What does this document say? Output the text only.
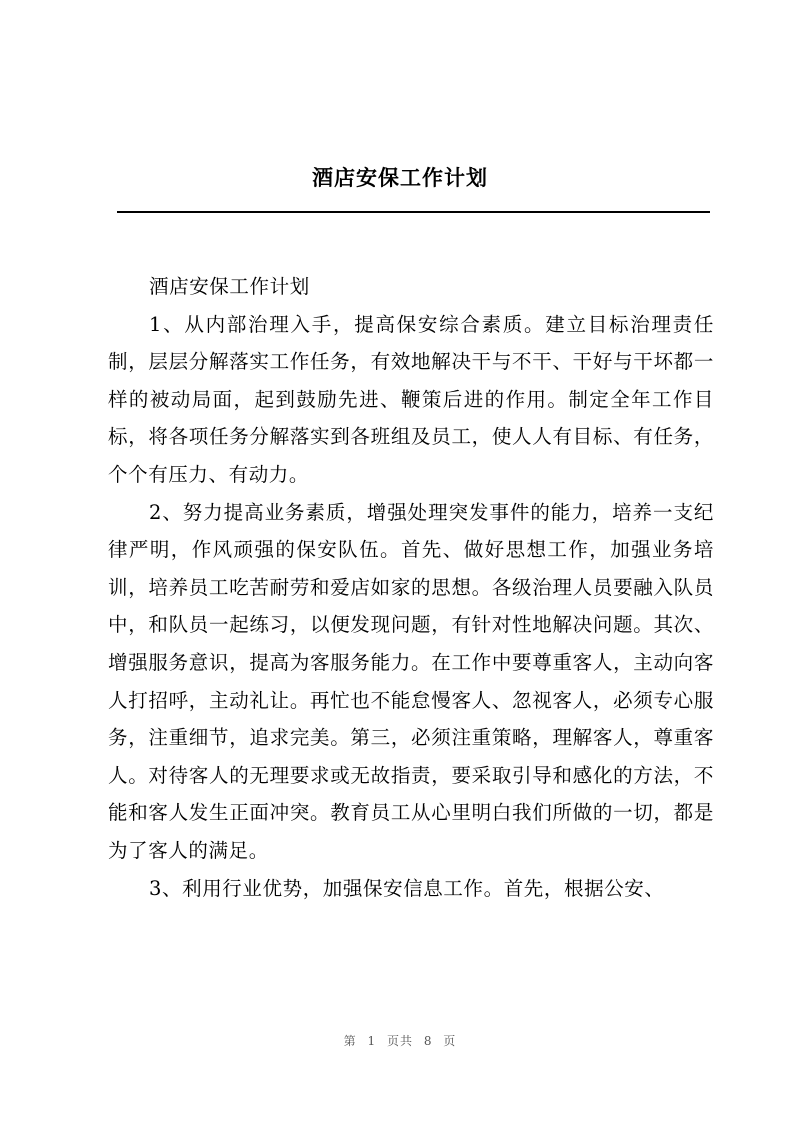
酒店安保工作计划

酒店安保工作计划

1、从内部治理入手，提高保安综合素质。建立目标治理责任制，层层分解落实工作任务，有效地解决干与不干、干好与干坏都一样的被动局面，起到鼓励先进、鞭策后进的作用。制定全年工作目标，将各项任务分解落实到各班组及员工，使人人有目标、有任务，个个有压力、有动力。

2、努力提高业务素质，增强处理突发事件的能力，培养一支纪律严明，作风顽强的保安队伍。首先、做好思想工作，加强业务培训，培养员工吃苦耐劳和爱店如家的思想。各级治理人员要融入队员中，和队员一起练习，以便发现问题，有针对性地解决问题。其次、增强服务意识，提高为客服务能力。在工作中要尊重客人，主动向客人打招呼，主动礼让。再忙也不能怠慢客人、忽视客人，必须专心服务，注重细节，追求完美。第三，必须注重策略，理解客人，尊重客人。对待客人的无理要求或无故指责，要采取引导和感化的方法，不能和客人发生正面冲突。教育员工从心里明白我们所做的一切，都是为了客人的满足。

3、利用行业优势，加强保安信息工作。首先，根据公安、

第 1 页共 8 页
